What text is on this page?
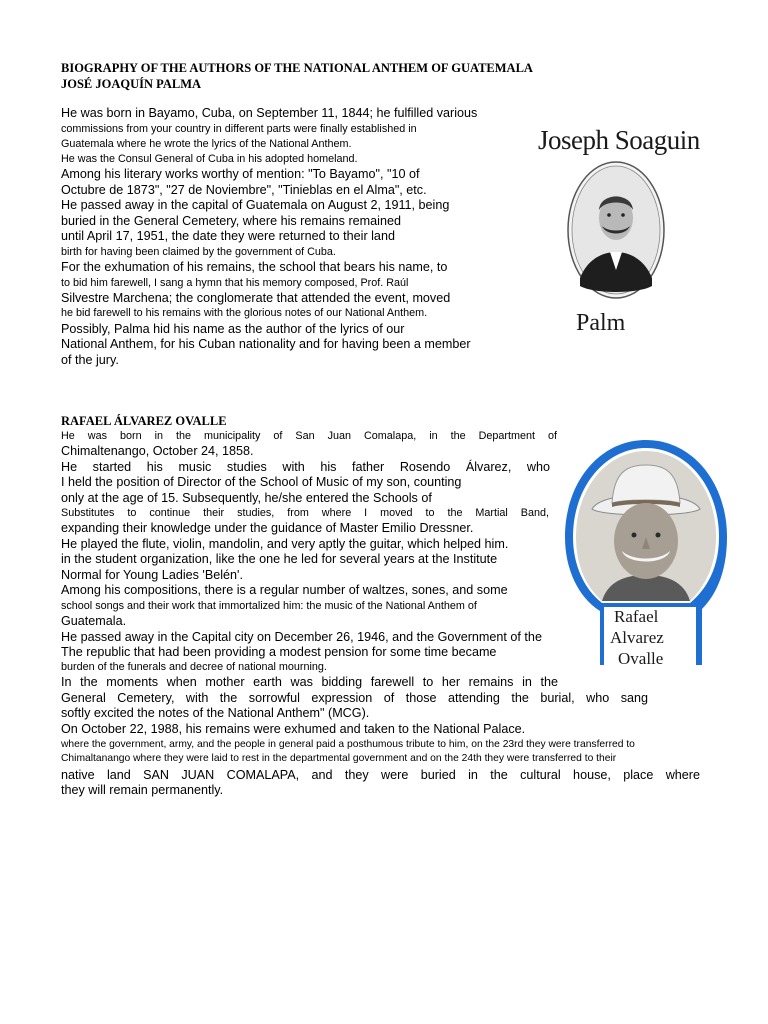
BIOGRAPHY OF THE AUTHORS OF THE NATIONAL ANTHEM OF GUATEMALA

JOSÉ JOAQUÍN PALMA

He was born in Bayamo, Cuba, on September 11, 1844; he fulfilled various

commissions from your country in different parts were finally established in

Guatemala where he wrote the lyrics of the National Anthem.

He was the Consul General of Cuba in his adopted homeland.

Among his literary works worthy of mention: "To Bayamo", "10 of

Octubre de 1873", "27 de Noviembre", "Tinieblas en el Alma", etc.

He passed away in the capital of Guatemala on August 2, 1911, being

buried in the General Cemetery, where his remains remained

until April 17, 1951, the date they were returned to their land

birth for having been claimed by the government of Cuba.

For the exhumation of his remains, the school that bears his name, to

to bid him farewell, I sang a hymn that his memory composed, Prof. Raúl

Silvestre Marchena; the conglomerate that attended the event, moved

he bid farewell to his remains with the glorious notes of our National Anthem.

Possibly, Palma hid his name as the author of the lyrics of our

National Anthem, for his Cuban nationality and for having been a member

of the jury.

Joseph Soaguin

Palm

RAFAEL ÁLVAREZ OVALLE

He was born in the municipality of San Juan Comalapa, in the Department of

Chimaltenango, October 24, 1858.

He started his music studies with his father Rosendo Álvarez, who

I held the position of Director of the School of Music of my son, counting

only at the age of 15. Subsequently, he/she entered the Schools of

Substitutes to continue their studies, from where I moved to the Martial Band,

expanding their knowledge under the guidance of Master Emilio Dressner.

He played the flute, violin, mandolin, and very aptly the guitar, which helped him.

in the student organization, like the one he led for several years at the Institute

Normal for Young Ladies 'Belén'.

Among his compositions, there is a regular number of waltzes, sones, and some

school songs and their work that immortalized him: the music of the National Anthem of

Guatemala.

He passed away in the Capital city on December 26, 1946, and the Government of the

The republic that had been providing a modest pension for some time became

burden of the funerals and decree of national mourning.

In the moments when mother earth was bidding farewell to her remains in the

General Cemetery, with the sorrowful expression of those attending the burial, who sang

softly excited the notes of the National Anthem" (MCG).

On October 22, 1988, his remains were exhumed and taken to the National Palace.

where the government, army, and the people in general paid a posthumous tribute to him, on the 23rd they were transferred to

Chimaltanango where they were laid to rest in the departmental government and on the 24th they were transferred to their

native land SAN JUAN COMALAPA, and they were buried in the cultural house, place where

they will remain permanently.

Rafael

Alvarez

Ovalle
